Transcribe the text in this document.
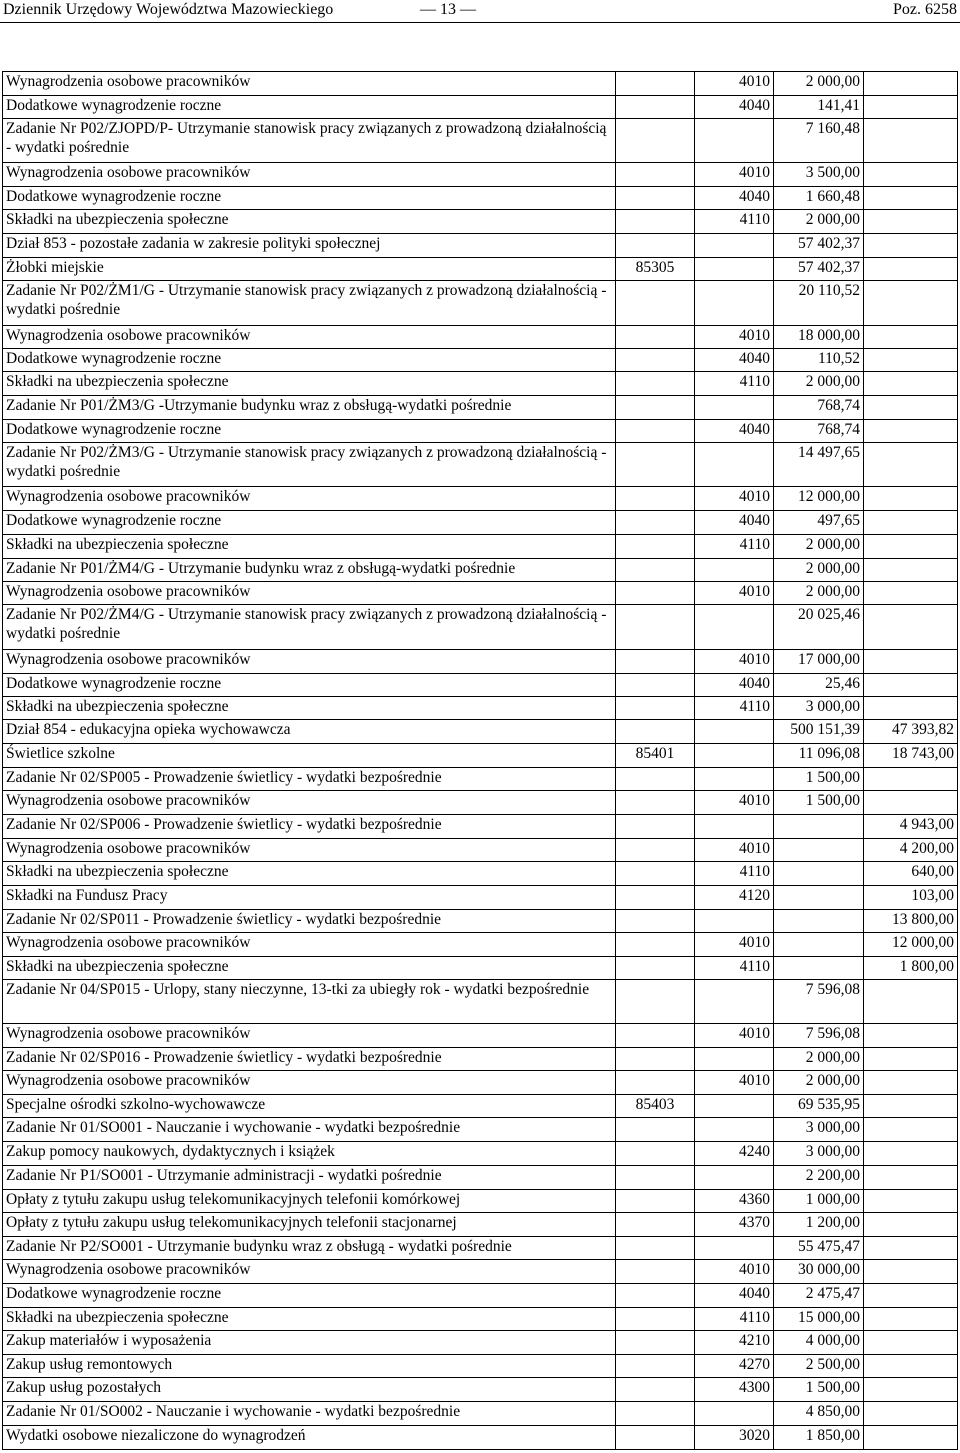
Dziennik Urzędowy Województwa Mazowieckiego	— 13 —	Poz. 6258
Wynagrodzenia osobowe pracowników		4010	2 000,00	
Dodatkowe wynagrodzenie roczne		4040	141,41	
Zadanie Nr P02/ZJOPD/P- Utrzymanie stanowisk pracy związanych z prowadzoną działalnością - wydatki pośrednie			7 160,48	
Wynagrodzenia osobowe pracowników		4010	3 500,00	
Dodatkowe wynagrodzenie roczne		4040	1 660,48	
Składki na ubezpieczenia społeczne		4110	2 000,00	
Dział 853 - pozostałe zadania w zakresie polityki społecznej			57 402,37	
Żłobki miejskie	85305		57 402,37	
Zadanie Nr P02/ŻM1/G - Utrzymanie stanowisk pracy związanych z prowadzoną działalnością - wydatki pośrednie			20 110,52	
Wynagrodzenia osobowe pracowników		4010	18 000,00	
Dodatkowe wynagrodzenie roczne		4040	110,52	
Składki na ubezpieczenia społeczne		4110	2 000,00	
Zadanie Nr P01/ŻM3/G -Utrzymanie budynku wraz z obsługą-wydatki pośrednie			768,74	
Dodatkowe wynagrodzenie roczne		4040	768,74	
Zadanie Nr P02/ŻM3/G - Utrzymanie stanowisk pracy związanych z prowadzoną działalnością - wydatki pośrednie			14 497,65	
Wynagrodzenia osobowe pracowników		4010	12 000,00	
Dodatkowe wynagrodzenie roczne		4040	497,65	
Składki na ubezpieczenia społeczne		4110	2 000,00	
Zadanie Nr P01/ŻM4/G - Utrzymanie budynku wraz z obsługą-wydatki pośrednie			2 000,00	
Wynagrodzenia osobowe pracowników		4010	2 000,00	
Zadanie Nr P02/ŻM4/G - Utrzymanie stanowisk pracy związanych z prowadzoną działalnością - wydatki pośrednie			20 025,46	
Wynagrodzenia osobowe pracowników		4010	17 000,00	
Dodatkowe wynagrodzenie roczne		4040	25,46	
Składki na ubezpieczenia społeczne		4110	3 000,00	
Dział 854 - edukacyjna opieka wychowawcza			500 151,39	47 393,82
Świetlice szkolne	85401		11 096,08	18 743,00
Zadanie Nr 02/SP005 - Prowadzenie świetlicy - wydatki bezpośrednie			1 500,00	
Wynagrodzenia osobowe pracowników		4010	1 500,00	
Zadanie Nr 02/SP006 - Prowadzenie świetlicy - wydatki bezpośrednie				4 943,00
Wynagrodzenia osobowe pracowników		4010		4 200,00
Składki na ubezpieczenia społeczne		4110		640,00
Składki na Fundusz Pracy		4120		103,00
Zadanie Nr 02/SP011 - Prowadzenie świetlicy - wydatki bezpośrednie				13 800,00
Wynagrodzenia osobowe pracowników		4010		12 000,00
Składki na ubezpieczenia społeczne		4110		1 800,00
Zadanie Nr 04/SP015 - Urlopy, stany nieczynne, 13-tki za ubiegły rok - wydatki bezpośrednie			7 596,08	
Wynagrodzenia osobowe pracowników		4010	7 596,08	
Zadanie Nr 02/SP016 - Prowadzenie świetlicy - wydatki bezpośrednie			2 000,00	
Wynagrodzenia osobowe pracowników		4010	2 000,00	
Specjalne ośrodki szkolno-wychowawcze	85403		69 535,95	
Zadanie Nr 01/SO001 - Nauczanie i wychowanie - wydatki bezpośrednie			3 000,00	
Zakup pomocy naukowych, dydaktycznych i książek		4240	3 000,00	
Zadanie Nr P1/SO001 - Utrzymanie administracji - wydatki pośrednie			2 200,00	
Opłaty z tytułu zakupu usług telekomunikacyjnych telefonii komórkowej		4360	1 000,00	
Opłaty z tytułu zakupu usług telekomunikacyjnych telefonii stacjonarnej		4370	1 200,00	
Zadanie Nr P2/SO001 - Utrzymanie budynku wraz z obsługą - wydatki pośrednie			55 475,47	
Wynagrodzenia osobowe pracowników		4010	30 000,00	
Dodatkowe wynagrodzenie roczne		4040	2 475,47	
Składki na ubezpieczenia społeczne		4110	15 000,00	
Zakup materiałów i wyposażenia		4210	4 000,00	
Zakup usług remontowych		4270	2 500,00	
Zakup usług pozostałych		4300	1 500,00	
Zadanie Nr 01/SO002 - Nauczanie i wychowanie - wydatki bezpośrednie			4 850,00	
Wydatki osobowe niezaliczone do wynagrodzeń		3020	1 850,00	
